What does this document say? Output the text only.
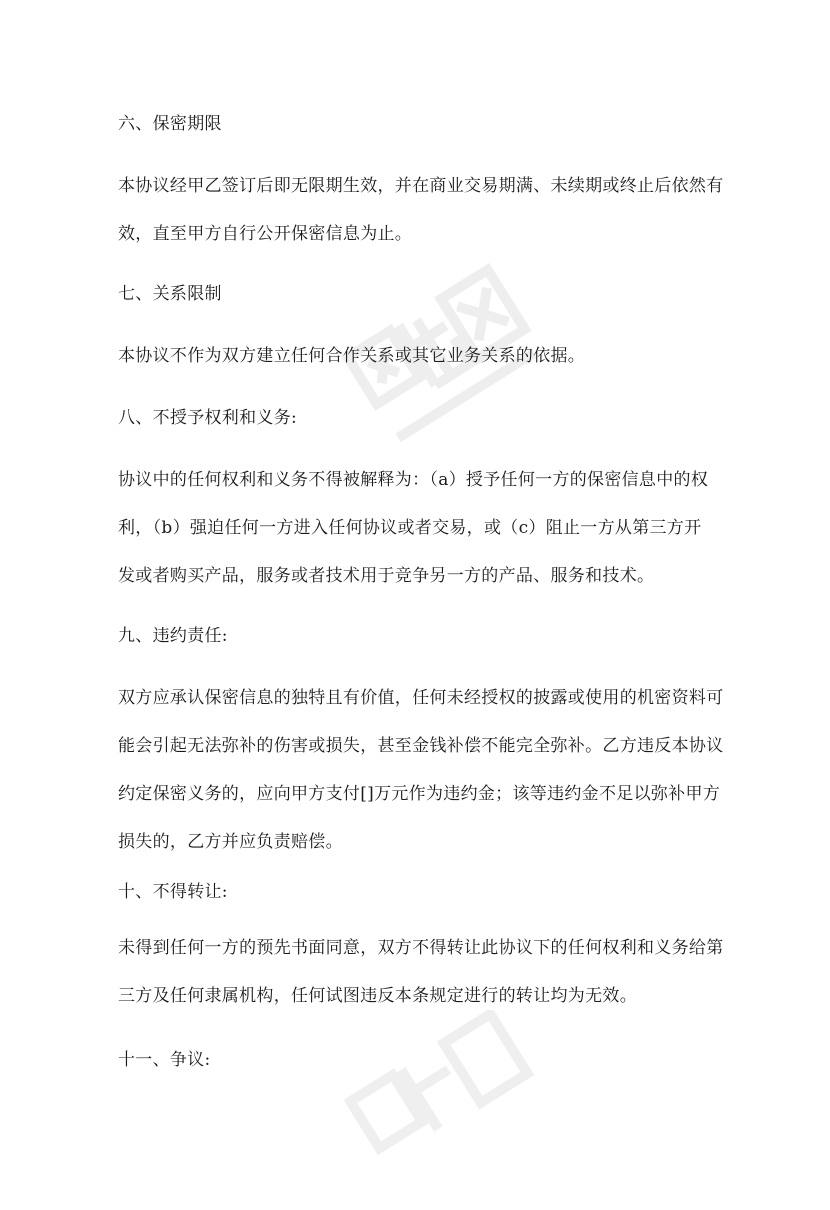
六、保密期限
本协议经甲乙签订后即无限期生效，并在商业交易期满、未续期或终止后依然有
效，直至甲方自行公开保密信息为止。
七、关系限制
本协议不作为双方建立任何合作关系或其它业务关系的依据。
八、不授予权利和义务:
协议中的任何权利和义务不得被解释为：（a）授予任何一方的保密信息中的权
利，（b）强迫任何一方进入任何协议或者交易，或（c）阻止一方从第三方开
发或者购买产品，服务或者技术用于竞争另一方的产品、服务和技术。
九、违约责任:
双方应承认保密信息的独特且有价值，任何未经授权的披露或使用的机密资料可
能会引起无法弥补的伤害或损失，甚至金钱补偿不能完全弥补。乙方违反本协议
约定保密义务的，应向甲方支付[]万元作为违约金；该等违约金不足以弥补甲方
损失的，乙方并应负责赔偿。
十、不得转让:
未得到任何一方的预先书面同意，双方不得转让此协议下的任何权利和义务给第
三方及任何隶属机构，任何试图违反本条规定进行的转让均为无效。
十一、争议:
